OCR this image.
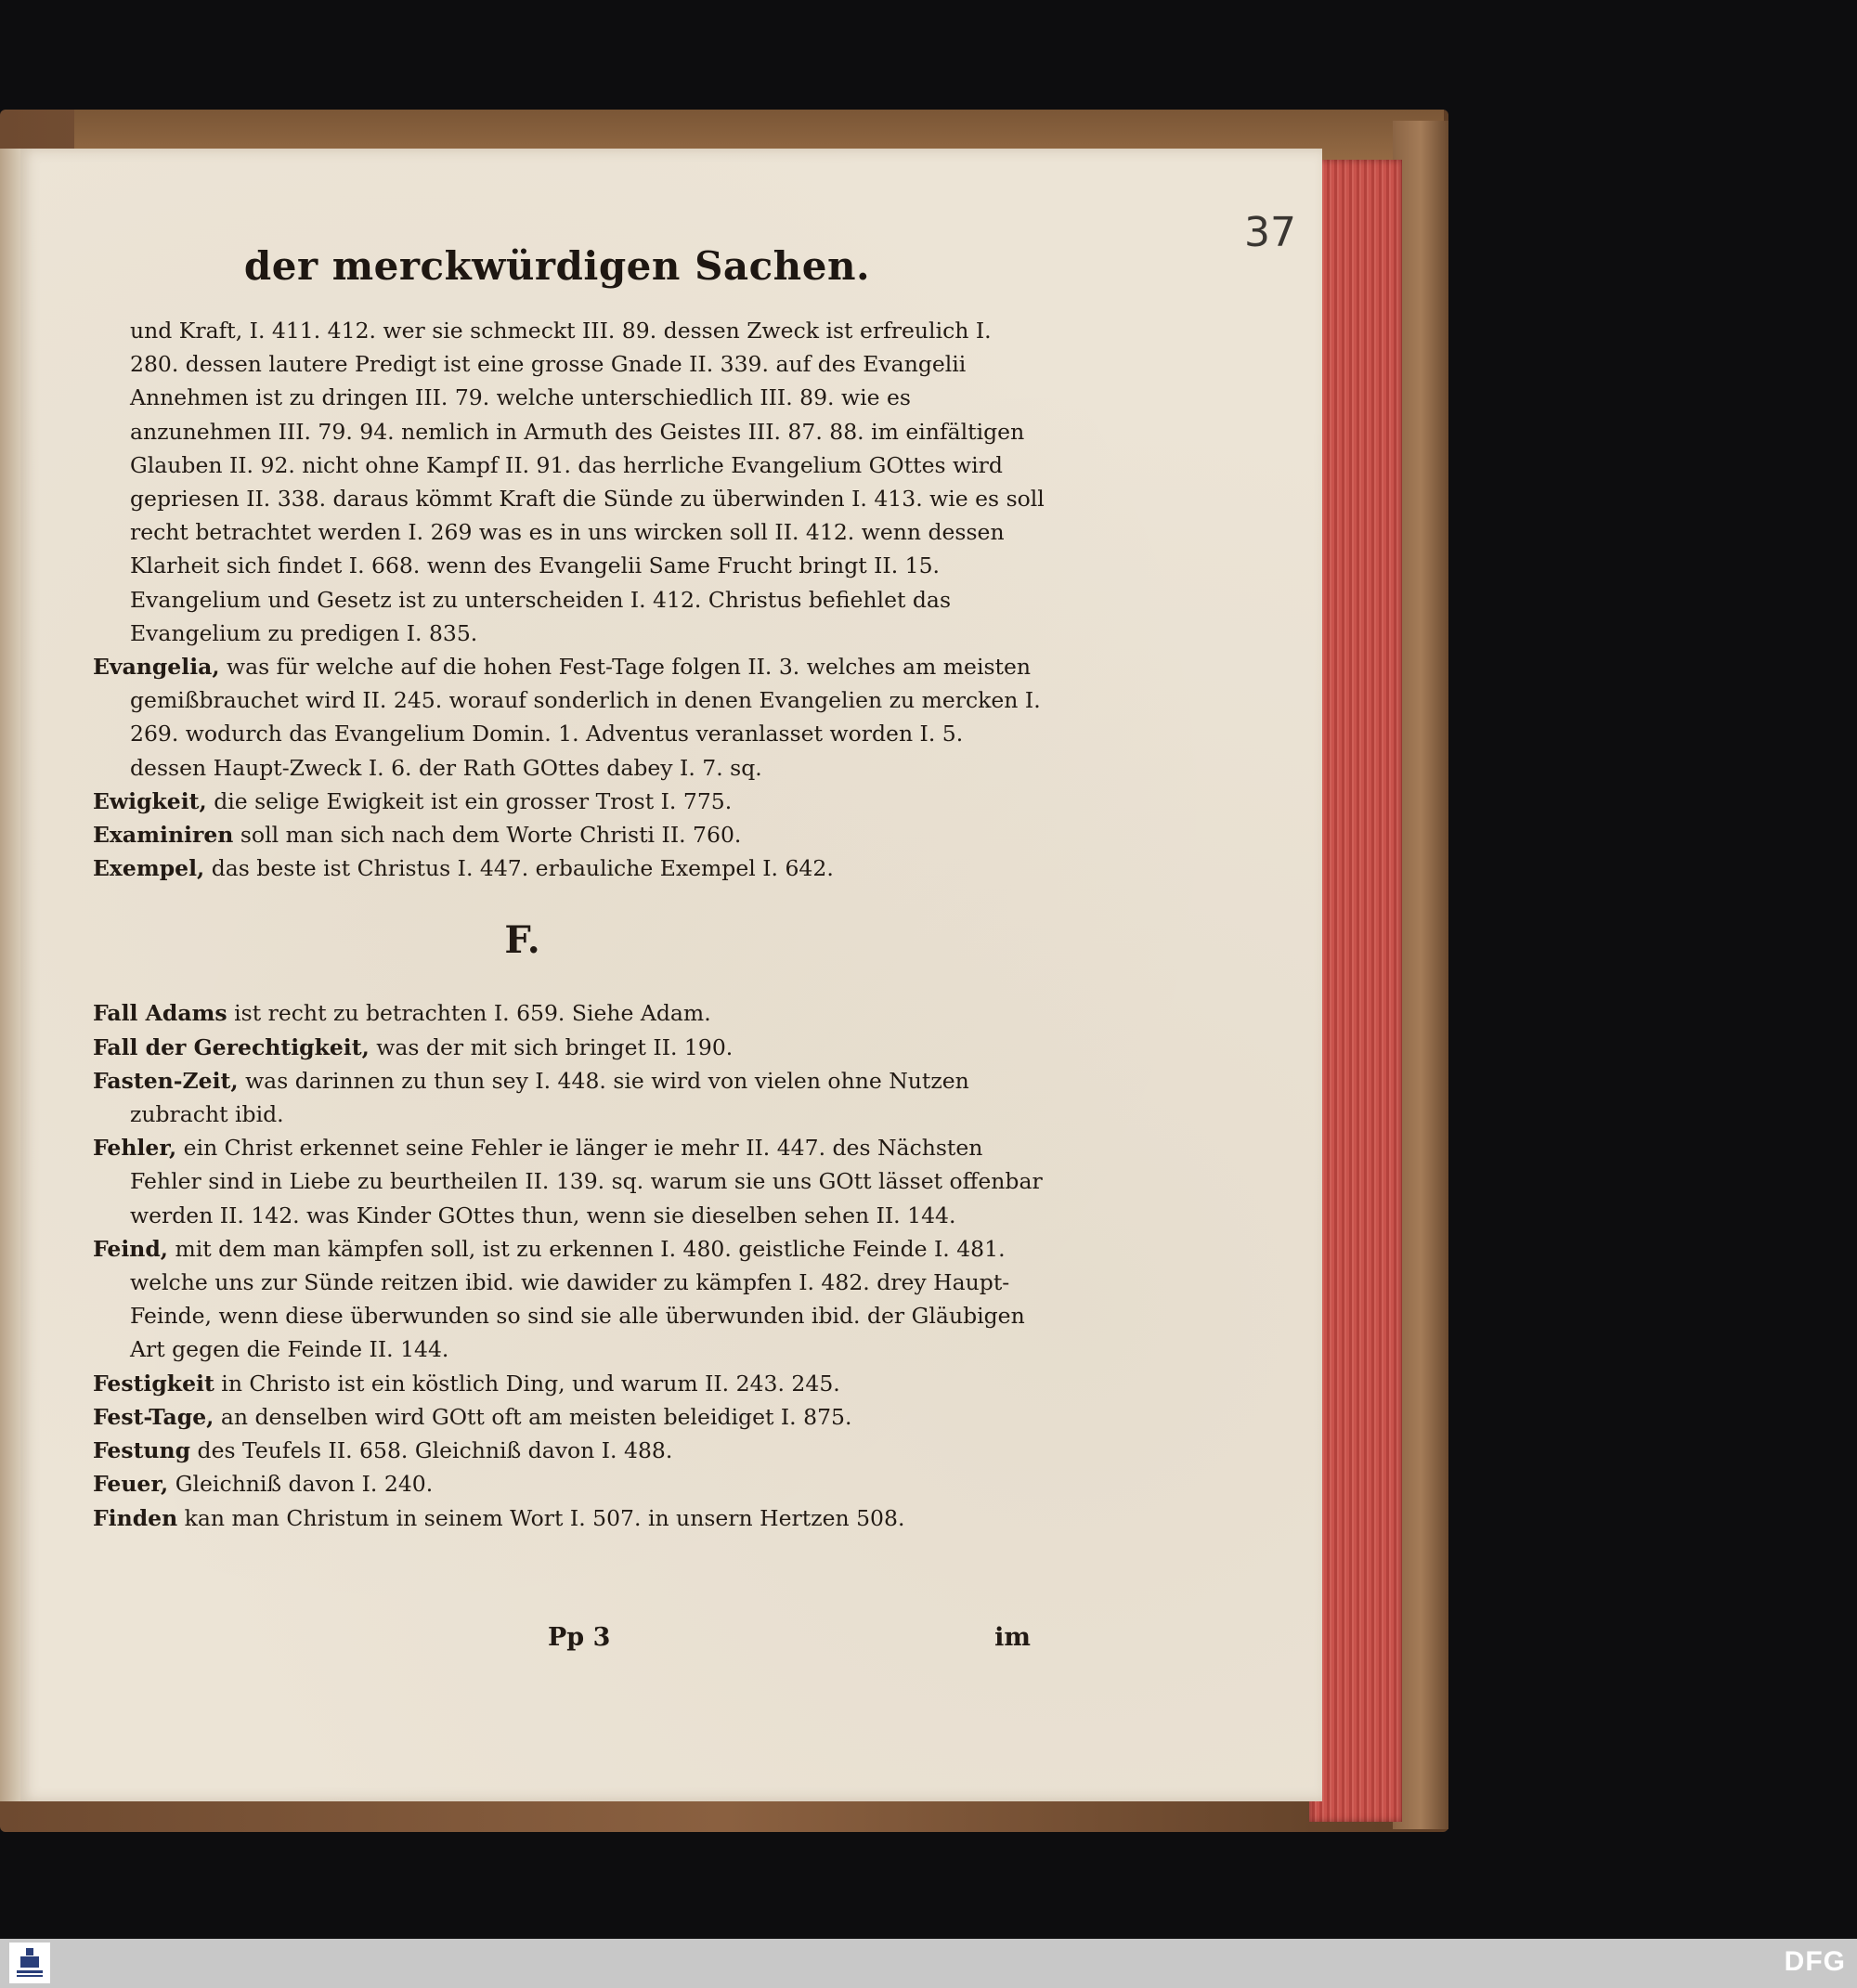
der merckwürdigen Sachen.
37

und Kraft, I. 411. 412. wer sie schmeckt III. 89. dessen Zweck ist erfreulich I. 280. dessen lautere Predigt ist eine grosse Gnade II. 339. auf des Evangelii Annehmen ist zu dringen III. 79. welche unterschiedlich III. 89. wie es anzunehmen III. 79. 94. nemlich in Armuth des Geistes III. 87. 88. im einfältigen Glauben II. 92. nicht ohne Kampf II. 91. das herrliche Evangelium GOttes wird gepriesen II. 338. daraus kömmt Kraft die Sünde zu überwinden I. 413. wie es soll recht betrachtet werden I. 269 was es in uns wircken soll II. 412. wenn dessen Klarheit sich findet I. 668. wenn des Evangelii Same Frucht bringt II. 15. Evangelium und Gesetz ist zu unterscheiden I. 412. Christus befiehlet das Evangelium zu predigen I. 835.

Evangelia, was für welche auf die hohen Fest-Tage folgen II. 3. welches am meisten gemißbrauchet wird II. 245. worauf sonderlich in denen Evangelien zu mercken I. 269. wodurch das Evangelium Domin. 1. Adventus veranlasset worden I. 5. dessen Haupt-Zweck I. 6. der Rath GOttes dabey I. 7. sq.

Ewigkeit, die selige Ewigkeit ist ein grosser Trost I. 775.

Examiniren soll man sich nach dem Worte Christi II. 760.

Exempel, das beste ist Christus I. 447. erbauliche Exempel I. 642.

F.

Fall Adams ist recht zu betrachten I. 659. Siehe Adam.

Fall der Gerechtigkeit, was der mit sich bringet II. 190.

Fasten-Zeit, was darinnen zu thun sey I. 448. sie wird von vielen ohne Nutzen zubracht ibid.

Fehler, ein Christ erkennet seine Fehler ie länger ie mehr II. 447. des Nächsten Fehler sind in Liebe zu beurtheilen II. 139. sq. warum sie uns GOtt lässet offenbar werden II. 142. was Kinder GOttes thun, wenn sie dieselben sehen II. 144.

Feind, mit dem man kämpfen soll, ist zu erkennen I. 480. geistliche Feinde I. 481. welche uns zur Sünde reitzen ibid. wie dawider zu kämpfen I. 482. drey Haupt-Feinde, wenn diese überwunden so sind sie alle überwunden ibid. der Gläubigen Art gegen die Feinde II. 144.

Festigkeit in Christo ist ein köstlich Ding, und warum II. 243. 245.

Fest-Tage, an denselben wird GOtt oft am meisten beleidiget I. 875.

Festung des Teufels II. 658. Gleichniß davon I. 488.

Feuer, Gleichniß davon I. 240.

Finden kan man Christum in seinem Wort I. 507. in unsern Hertzen 508.

Pp 3	im
DFG
